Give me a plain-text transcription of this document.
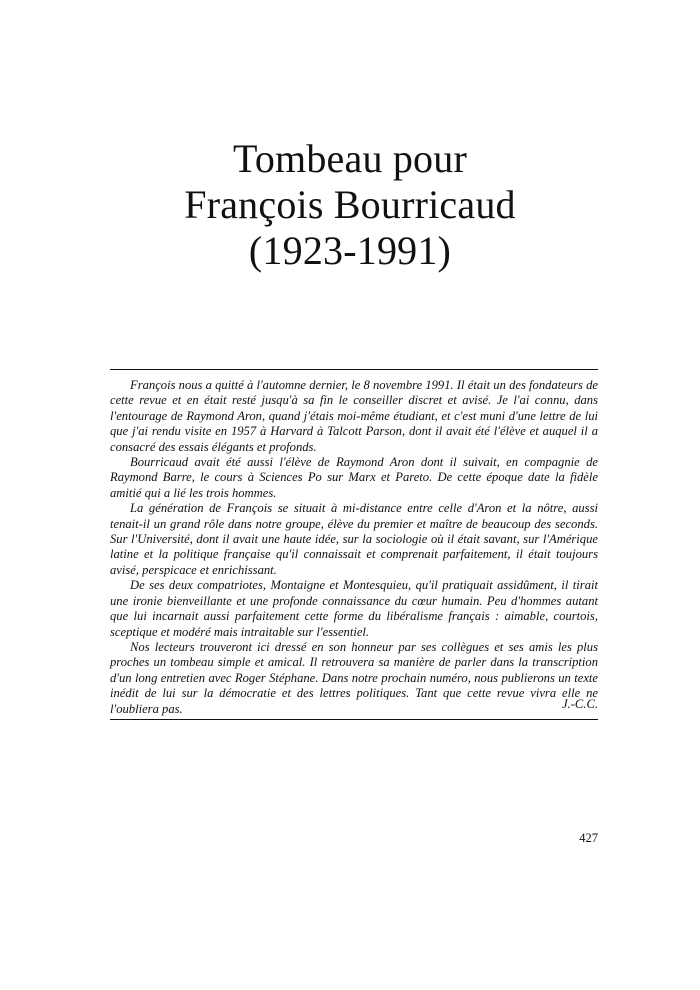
Tombeau pour
François Bourricaud
(1923-1991)

François nous a quitté à l'automne dernier, le 8 novembre 1991. Il était un des fondateurs de cette revue et en était resté jusqu'à sa fin le conseiller discret et avisé. Je l'ai connu, dans l'entourage de Raymond Aron, quand j'étais moi-même étudiant, et c'est muni d'une lettre de lui que j'ai rendu visite en 1957 à Harvard à Talcott Parson, dont il avait été l'élève et auquel il a consacré des essais élégants et profonds.

Bourricaud avait été aussi l'élève de Raymond Aron dont il suivait, en compagnie de Raymond Barre, le cours à Sciences Po sur Marx et Pareto. De cette époque date la fidèle amitié qui a lié les trois hommes.

La génération de François se situait à mi-distance entre celle d'Aron et la nôtre, aussi tenait-il un grand rôle dans notre groupe, élève du premier et maître de beaucoup des seconds. Sur l'Université, dont il avait une haute idée, sur la sociologie où il était savant, sur l'Amérique latine et la politique française qu'il connaissait et comprenait parfaitement, il était toujours avisé, perspicace et enrichissant.

De ses deux compatriotes, Montaigne et Montesquieu, qu'il pratiquait assidûment, il tirait une ironie bienveillante et une profonde connaissance du cœur humain. Peu d'hommes autant que lui incarnait aussi parfaitement cette forme du libéralisme français : aimable, courtois, sceptique et modéré mais intraitable sur l'essentiel.

Nos lecteurs trouveront ici dressé en son honneur par ses collègues et ses amis les plus proches un tombeau simple et amical. Il retrouvera sa manière de parler dans la transcription d'un long entretien avec Roger Stéphane. Dans notre prochain numéro, nous publierons un texte inédit de lui sur la démocratie et des lettres politiques. Tant que cette revue vivra elle ne l'oubliera pas.	J.-C.C.
427
